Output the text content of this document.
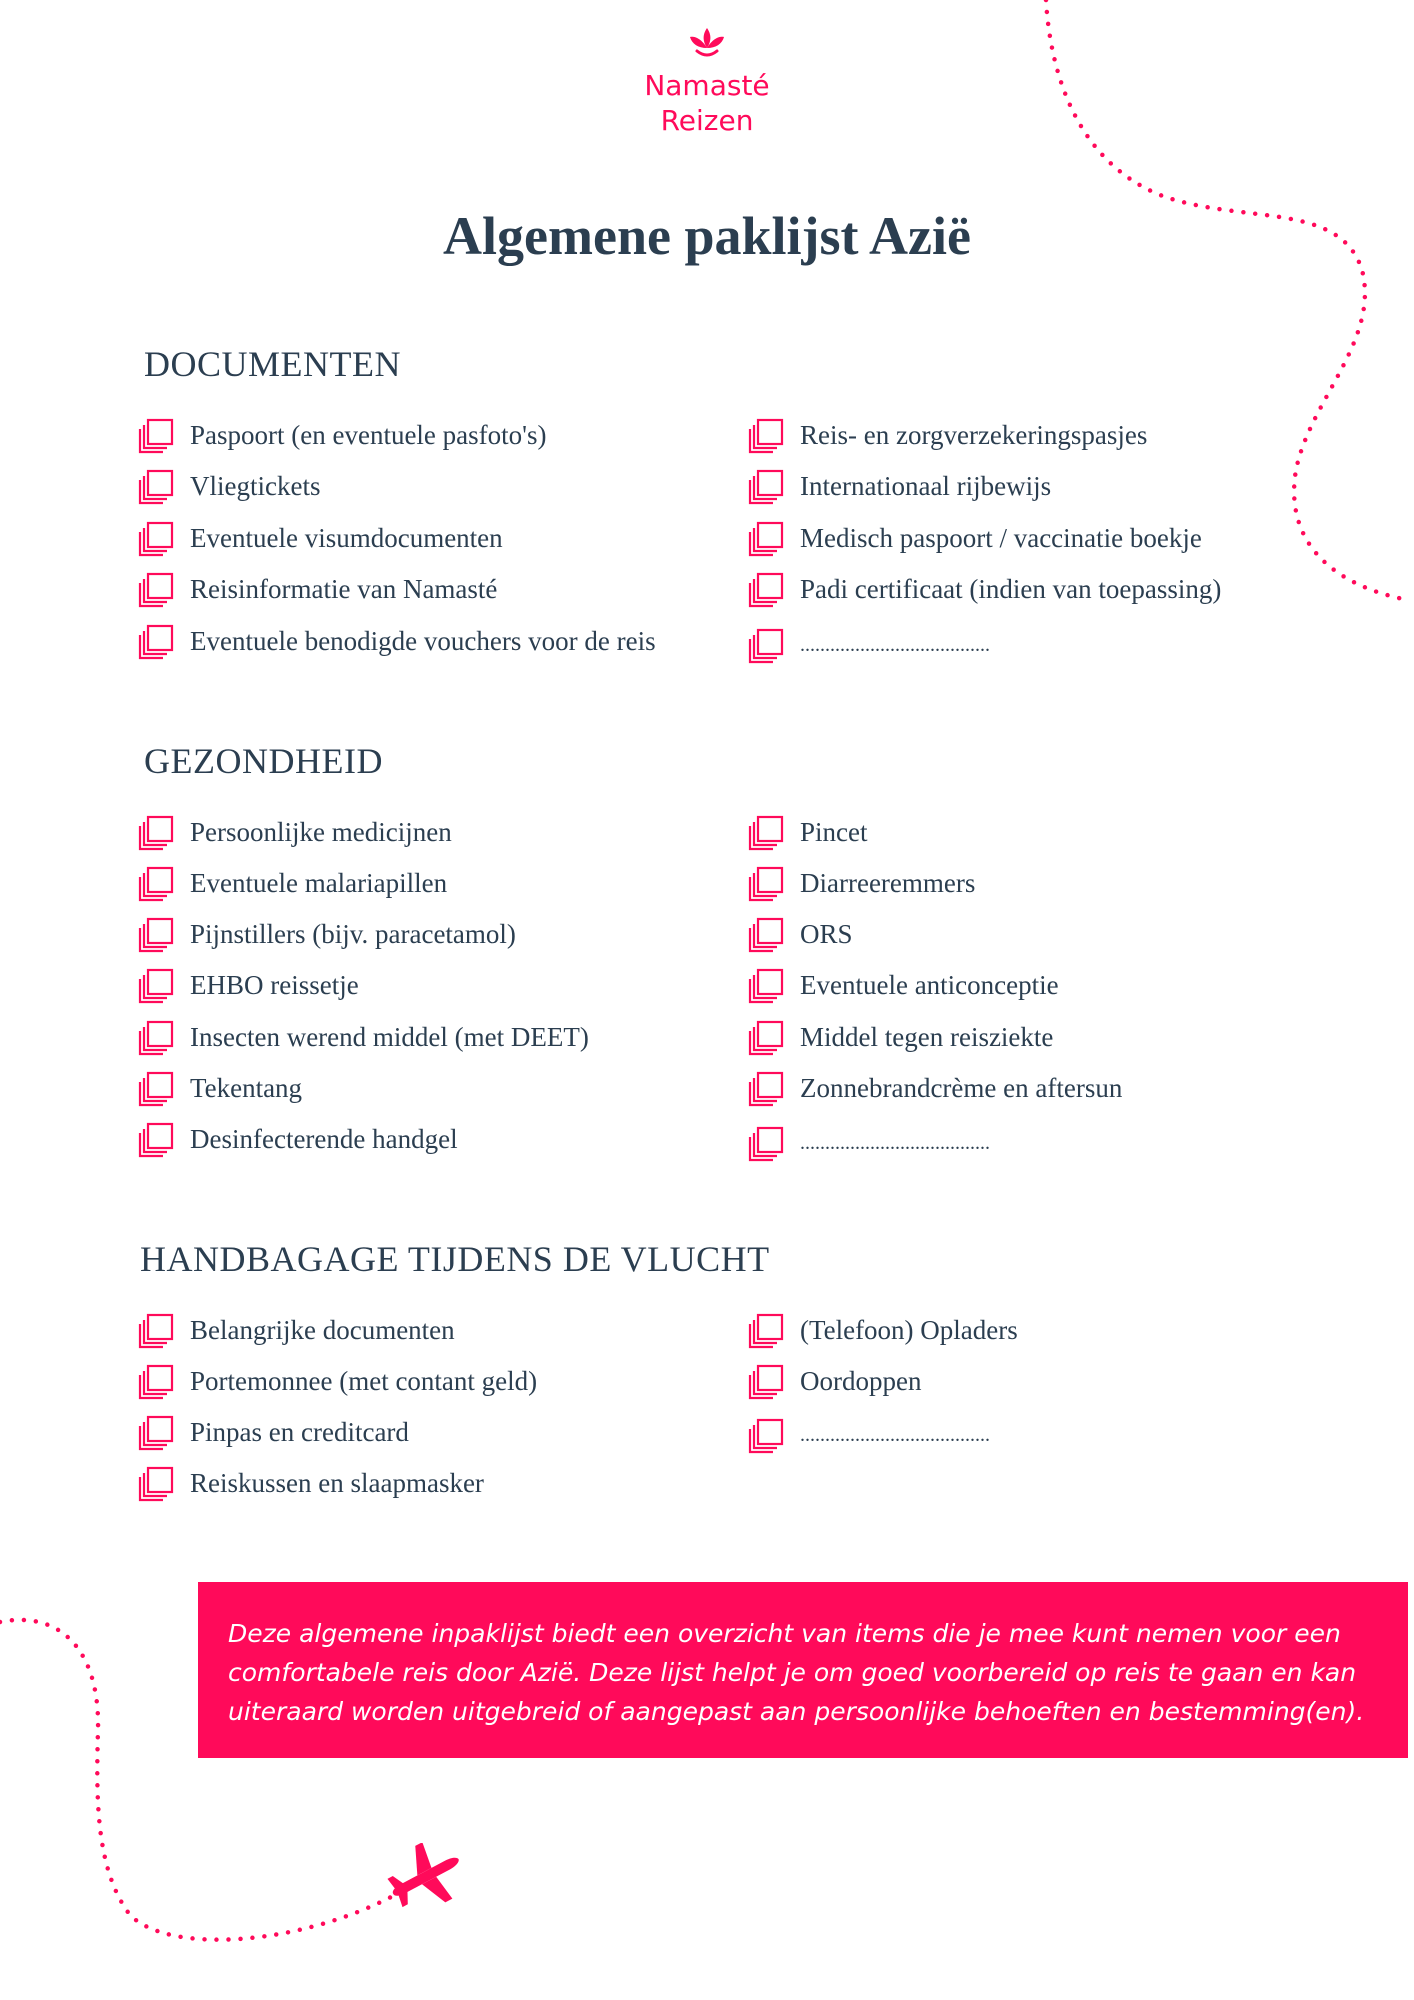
Namasté
Reizen
Algemene paklijst Azië
DOCUMENTEN
Paspoort (en eventuele pasfoto's)
Vliegtickets
Eventuele visumdocumenten
Reisinformatie van Namasté
Eventuele benodigde vouchers voor de reis
Reis- en zorgverzekeringspasjes
Internationaal rijbewijs
Medisch paspoort / vaccinatie boekje
Padi certificaat (indien van toepassing)
......................................
GEZONDHEID
Persoonlijke medicijnen
Eventuele malariapillen
Pijnstillers (bijv. paracetamol)
EHBO reissetje
Insecten werend middel (met DEET)
Tekentang
Desinfecterende handgel
Pincet
Diarreeremmers
ORS
Eventuele anticonceptie
Middel tegen reisziekte
Zonnebrandcrème en aftersun
......................................
HANDBAGAGE TIJDENS DE VLUCHT
Belangrijke documenten
Portemonnee (met contant geld)
Pinpas en creditcard
Reiskussen en slaapmasker
(Telefoon) Opladers
Oordoppen
......................................
Deze algemene inpaklijst biedt een overzicht van items die je mee kunt nemen voor een comfortabele reis door Azië. Deze lijst helpt je om goed voorbereid op reis te gaan en kan uiteraard worden uitgebreid of aangepast aan persoonlijke behoeften en bestemming(en).
